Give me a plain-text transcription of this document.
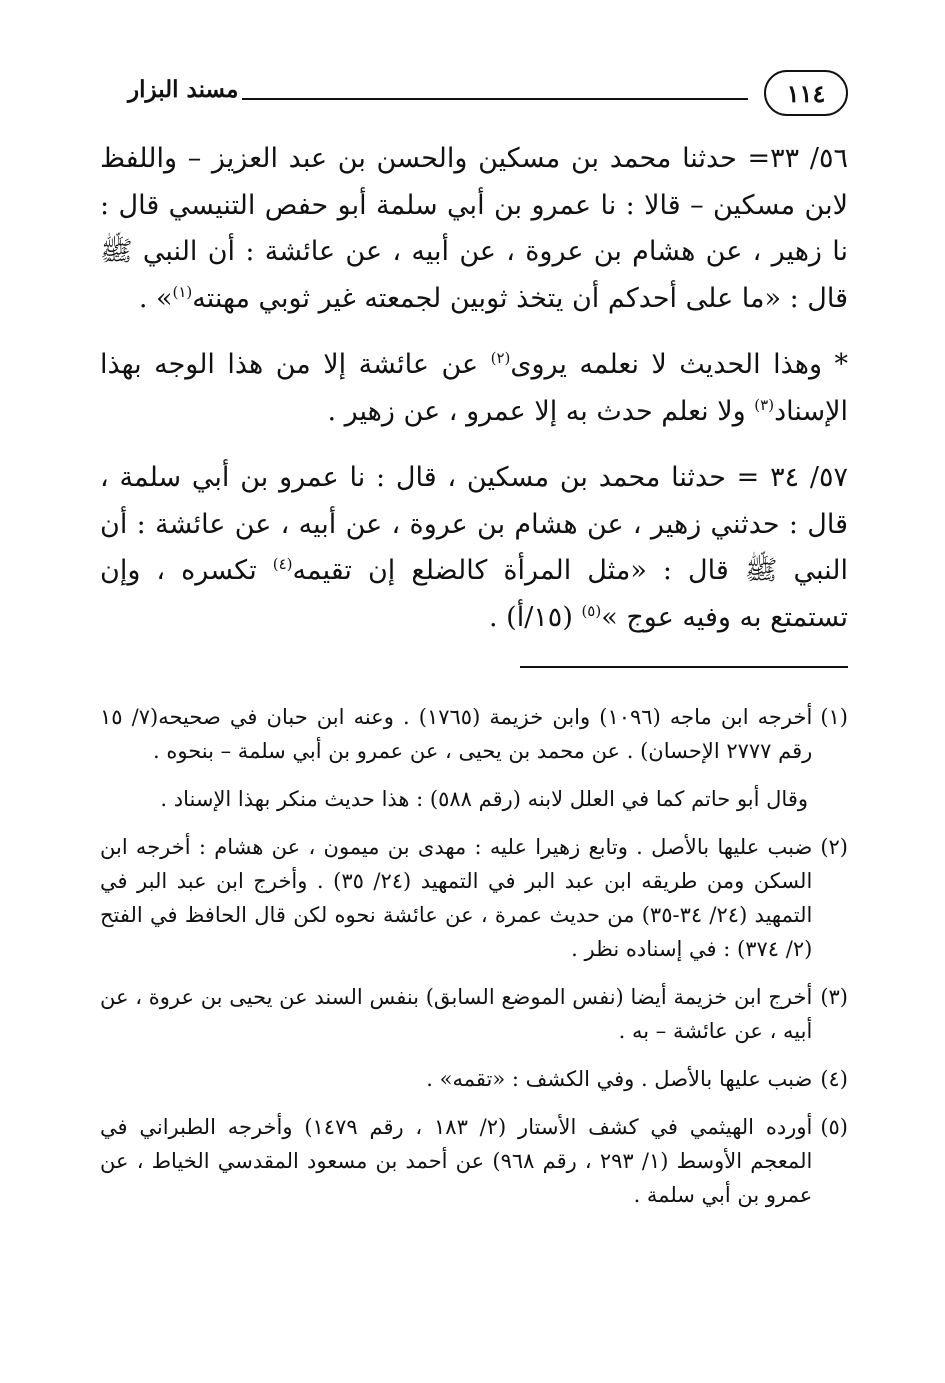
١١٤
مسند البزار

٥٦/ ٣٣= حدثنا محمد بن مسكين والحسن بن عبد العزيز – واللفظ لابن مسكين – قالا : نا عمرو بن أبي سلمة أبو حفص التنيسي قال : نا زهير ، عن هشام بن عروة ، عن أبيه ، عن عائشة : أن النبي ﷺ قال : «ما على أحدكم أن يتخذ ثوبين لجمعته غير ثوبي مهنته$^{(١)}$» .

* وهذا الحديث لا نعلمه يروى$^{(٢)}$ عن عائشة إلا من هذا الوجه بهذا الإسناد$^{(٣)}$ ولا نعلم حدث به إلا عمرو ، عن زهير .

٥٧/ ٣٤ = حدثنا محمد بن مسكين ، قال : نا عمرو بن أبي سلمة ، قال : حدثني زهير ، عن هشام بن عروة ، عن أبيه ، عن عائشة : أن النبي ﷺ قال : «مثل المرأة كالضلع إن تقيمه$^{(٤)}$ تكسره ، وإن تستمتع به وفيه عوج »$^{(٥)}$ (١٥/أ) .

(١)
أخرجه ابن ماجه (١٠٩٦) وابن خزيمة (١٧٦٥) . وعنه ابن حبان في صحيحه(٧/ ١٥ رقم ٢٧٧٧ الإحسان) . عن محمد بن يحيى ، عن عمرو بن أبي سلمة – بنحوه .

وقال أبو حاتم كما في العلل لابنه (رقم ٥٨٨) : هذا حديث منكر بهذا الإسناد .

(٢)
ضبب عليها بالأصل . وتابع زهيرا عليه : مهدى بن ميمون ، عن هشام : أخرجه ابن السكن ومن طريقه ابن عبد البر في التمهيد (٢٤/ ٣٥) . وأخرج ابن عبد البر في التمهيد (٢٤/ ٣٤-٣٥) من حديث عمرة ، عن عائشة نحوه لكن قال الحافظ في الفتح (٢/ ٣٧٤) : في إسناده نظر .

(٣)
أخرج ابن خزيمة أيضا (نفس الموضع السابق) بنفس السند عن يحيى بن عروة ، عن أبيه ، عن عائشة – به .

(٤)
ضبب عليها بالأصل . وفي الكشف : «تقمه» .

(٥)
أورده الهيثمي في كشف الأستار (٢/ ١٨٣ ، رقم ١٤٧٩) وأخرجه الطبراني في المعجم الأوسط (١/ ٢٩٣ ، رقم ٩٦٨) عن أحمد بن مسعود المقدسي الخياط ، عن عمرو بن أبي سلمة .
